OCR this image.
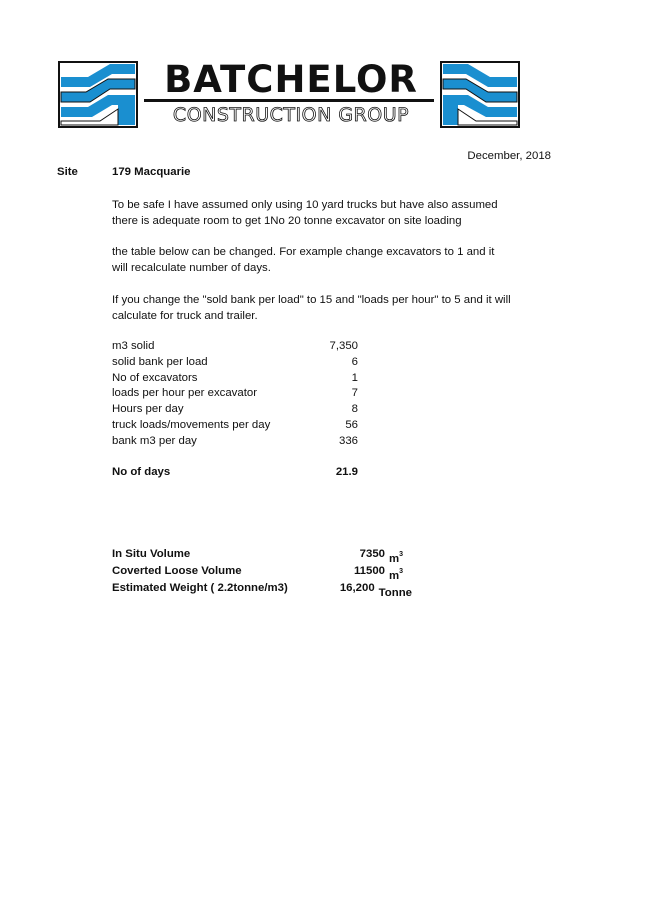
BATCHELOR
CONSTRUCTION GROUP
December, 2018
Site	179 Macquarie

To be safe I have assumed only using 10 yard trucks but have also assumed there is adequate room to get 1No 20 tonne excavator on site loading

the table below can be changed. For example change excavators to 1 and it will recalculate number of days.

If you change the "sold bank per load" to 15 and "loads per hour" to 5 and it will calculate for truck and trailer.

m3 solid	7,350
solid bank per load	6
No of excavators	1
loads per hour per excavator	7
Hours per day	8
truck loads/movements per day	56
bank m3 per day	336
No of days	21.9
In Situ Volume	7350 $m^3$
Coverted Loose Volume	11500 $m^3$
Estimated Weight ( 2.2tonne/m3)	16,200 Tonne
